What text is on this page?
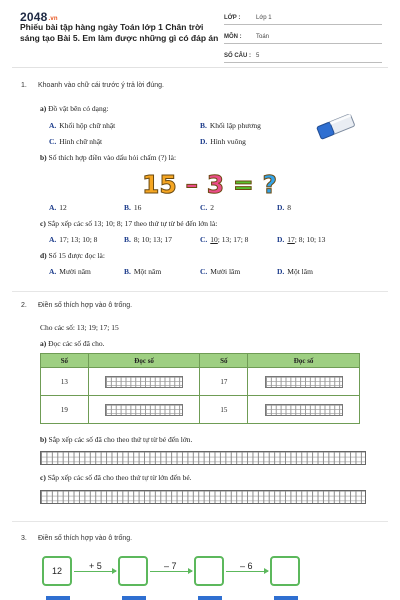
2048.vn
Phiếu bài tập hàng ngày Toán lớp 1 Chân trời sáng tạo Bài 5. Em làm được những gì có đáp án
LỚP :	Lớp 1
MÔN :	Toán
SỐ CÂU : 5
1. Khoanh vào chữ cái trước ý trả lời đúng.
a) Đồ vật bên có dạng:
A. Khối hộp chữ nhật	B. Khối lập phương
C. Hình chữ nhật	D. Hình vuông
b) Số thích hợp điền vào dấu hỏi chấm (?) là:
15 – 3 = ?
A. 12	B. 16	C. 2	D. 8
c) Sắp xếp các số 13; 10; 8; 17 theo thứ tự từ bé đến lớn là:
A. 17; 13; 10; 8	B. 8; 10; 13; 17	C. 10; 13; 17; 8	D. 17; 8; 10; 13
d) Số 15 được đọc là:
A. Mười năm	B. Một năm	C. Mười lăm	D. Một lăm
2. Điền số thích hợp vào ô trống.
Cho các số: 13; 19; 17; 15
a) Đọc các số đã cho.
Số	Đọc số	Số	Đọc số
13		17	
19		15	
b) Sắp xếp các số đã cho theo thứ tự từ bé đến lớn.
c) Sắp xếp các số đã cho theo thứ tự từ lớn đến bé.
3. Điền số thích hợp vào ô trống.
12	+ 5	– 7	– 6
